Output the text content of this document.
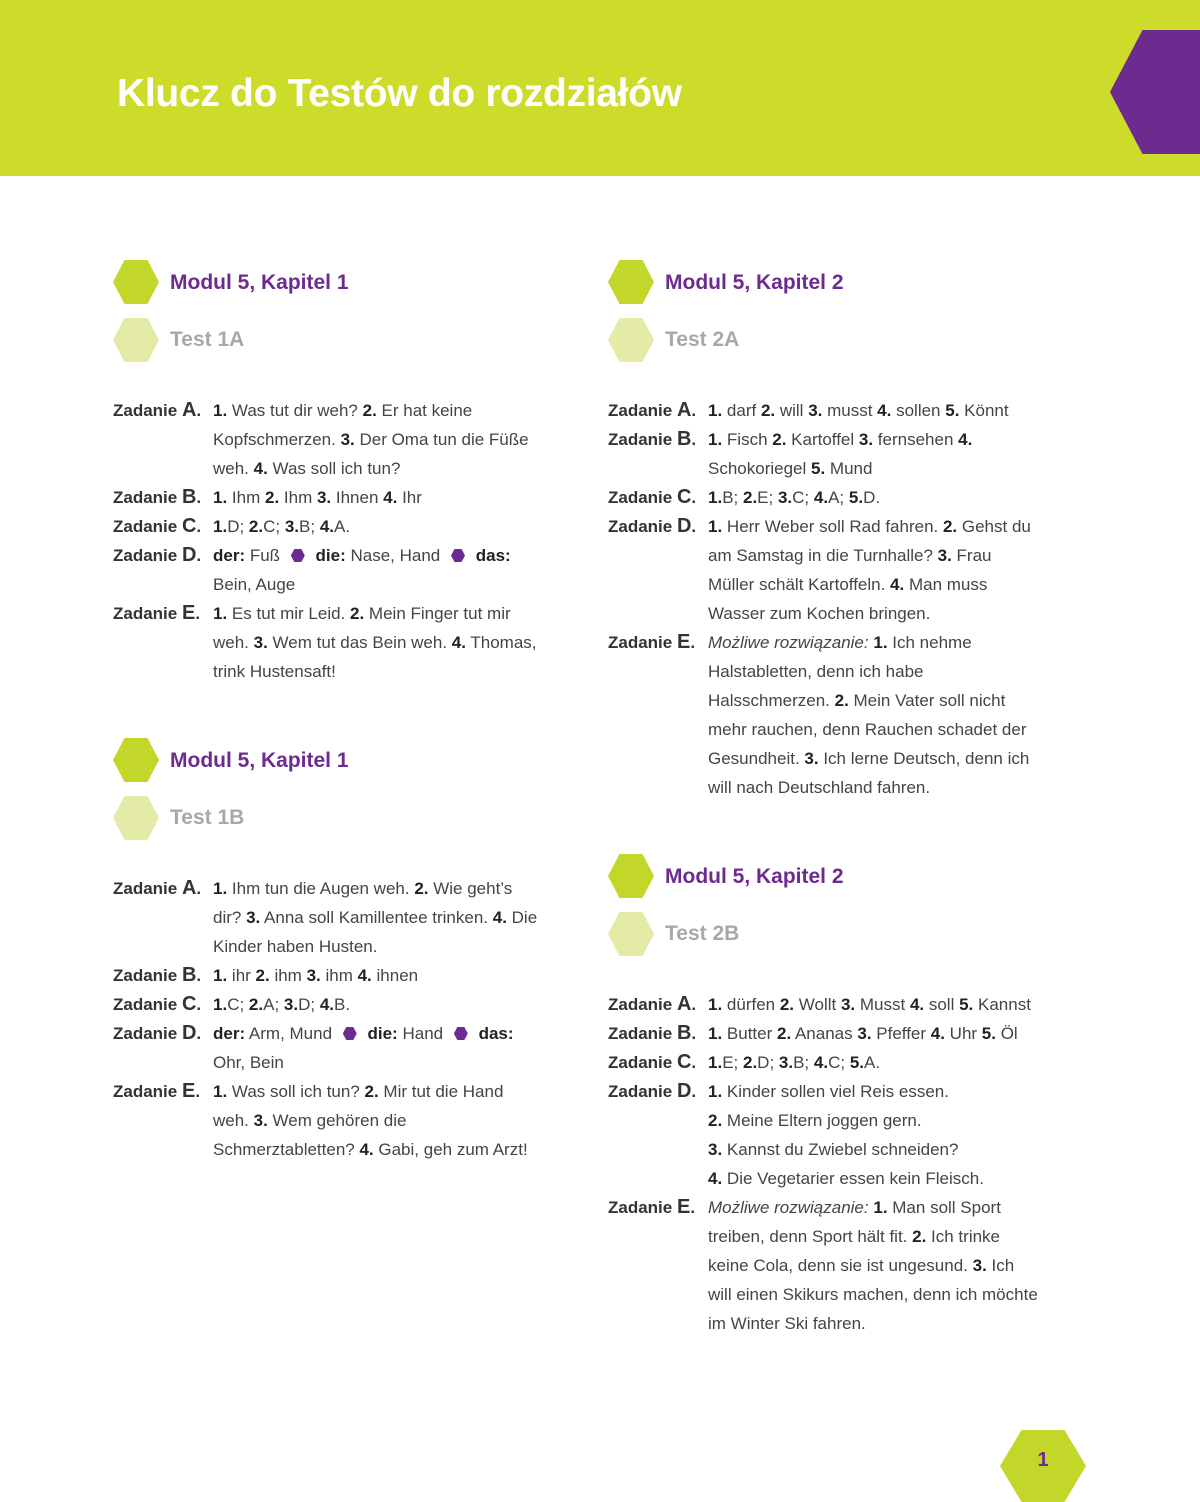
Klucz do Testów do rozdziałów
Modul 5, Kapitel 1
Test 1A
Zadanie A. 1. Was tut dir weh? 2. Er hat keine Kopfschmerzen. 3. Der Oma tun die Füße weh. 4. Was soll ich tun?
Zadanie B. 1. Ihm 2. Ihm 3. Ihnen 4. Ihr
Zadanie C. 1.D; 2.C; 3.B; 4.A.
Zadanie D. der: Fuß  die: Nase, Hand  das: Bein, Auge
Zadanie E. 1. Es tut mir Leid. 2. Mein Finger tut mir weh. 3. Wem tut das Bein weh. 4. Thomas, trink Hustensaft!
Modul 5, Kapitel 1
Test 1B
Zadanie A. 1. Ihm tun die Augen weh. 2. Wie geht’s dir? 3. Anna soll Kamillentee trinken. 4. Die Kinder haben Husten.
Zadanie B. 1. ihr 2. ihm 3. ihm 4. ihnen
Zadanie C. 1.C; 2.A; 3.D; 4.B.
Zadanie D. der: Arm, Mund  die: Hand  das: Ohr, Bein
Zadanie E. 1. Was soll ich tun? 2. Mir tut die Hand weh. 3. Wem gehören die Schmerztabletten? 4. Gabi, geh zum Arzt!
Modul 5, Kapitel 2
Test 2A
Zadanie A. 1. darf 2. will 3. musst 4. sollen 5. Könnt
Zadanie B. 1. Fisch 2. Kartoffel 3. fernsehen 4. Schokoriegel 5. Mund
Zadanie C. 1.B; 2.E; 3.C; 4.A; 5.D.
Zadanie D. 1. Herr Weber soll Rad fahren. 2. Gehst du am Samstag in die Turnhalle? 3. Frau Müller schält Kartoffeln. 4. Man muss Wasser zum Kochen bringen.
Zadanie E. Możliwe rozwiązanie: 1. Ich nehme Halstabletten, denn ich habe Halsschmerzen. 2. Mein Vater soll nicht mehr rauchen, denn Rauchen schadet der Gesundheit. 3. Ich lerne Deutsch, denn ich will nach Deutschland fahren.
Modul 5, Kapitel 2
Test 2B
Zadanie A. 1. dürfen 2. Wollt 3. Musst 4. soll 5. Kannst
Zadanie B. 1. Butter 2. Ananas 3. Pfeffer 4. Uhr 5. Öl
Zadanie C. 1.E; 2.D; 3.B; 4.C; 5.A.
Zadanie D. 1. Kinder sollen viel Reis essen.
2. Meine Eltern joggen gern.
3. Kannst du Zwiebel schneiden?
4. Die Vegetarier essen kein Fleisch.
Zadanie E. Możliwe rozwiązanie: 1. Man soll Sport treiben, denn Sport hält fit. 2. Ich trinke keine Cola, denn sie ist ungesund. 3. Ich will einen Skikurs machen, denn ich möchte im Winter Ski fahren.
1
